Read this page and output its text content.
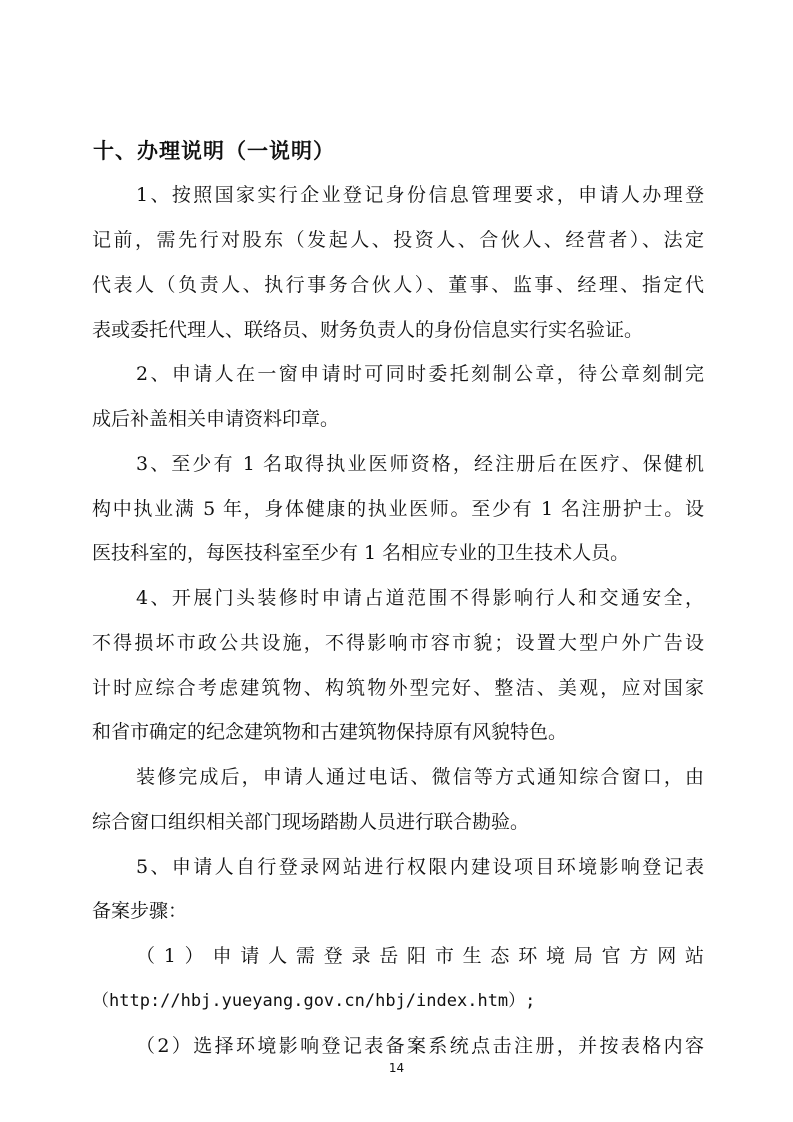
十、办理说明（一说明）
1、按照国家实行企业登记身份信息管理要求，申请人办理登
记前，需先行对股东（发起人、投资人、合伙人、经营者）、法定
代表人（负责人、执行事务合伙人）、董事、监事、经理、指定代
表或委托代理人、联络员、财务负责人的身份信息实行实名验证。
2、申请人在一窗申请时可同时委托刻制公章，待公章刻制完
成后补盖相关申请资料印章。
3、至少有 1 名取得执业医师资格，经注册后在医疗、保健机
构中执业满 5 年，身体健康的执业医师。至少有 1 名注册护士。设
医技科室的，每医技科室至少有 1 名相应专业的卫生技术人员。
4、开展门头装修时申请占道范围不得影响行人和交通安全，
不得损坏市政公共设施，不得影响市容市貌；设置大型户外广告设
计时应综合考虑建筑物、构筑物外型完好、整洁、美观，应对国家
和省市确定的纪念建筑物和古建筑物保持原有风貌特色。
装修完成后，申请人通过电话、微信等方式通知综合窗口，由
综合窗口组织相关部门现场踏勘人员进行联合勘验。
5、申请人自行登录网站进行权限内建设项目环境影响登记表
备案步骤：
（1）申请人需登录岳阳市生态环境局官方网站
（http://hbj.yueyang.gov.cn/hbj/index.htm）;
（2）选择环境影响登记表备案系统点击注册，并按表格内容
14
